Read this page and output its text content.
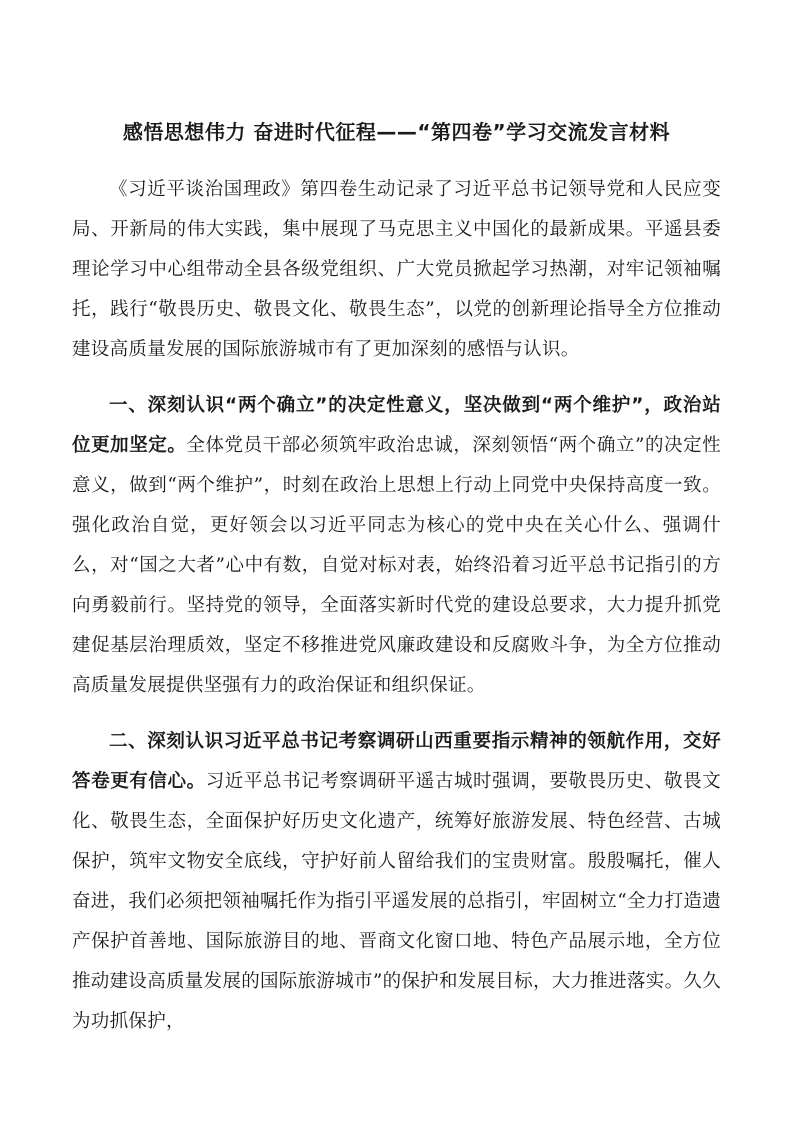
感悟思想伟力 奋进时代征程——“第四卷”学习交流发言材料

《习近平谈治国理政》第四卷生动记录了习近平总书记领导党和人民应变局、开新局的伟大实践，集中展现了马克思主义中国化的最新成果。平遥县委理论学习中心组带动全县各级党组织、广大党员掀起学习热潮，对牢记领袖嘱托，践行“敬畏历史、敬畏文化、敬畏生态”，以党的创新理论指导全方位推动建设高质量发展的国际旅游城市有了更加深刻的感悟与认识。

一、深刻认识“两个确立”的决定性意义，坚决做到“两个维护”，政治站位更加坚定。全体党员干部必须筑牢政治忠诚，深刻领悟“两个确立”的决定性意义，做到“两个维护”，时刻在政治上思想上行动上同党中央保持高度一致。强化政治自觉，更好领会以习近平同志为核心的党中央在关心什么、强调什么，对“国之大者”心中有数，自觉对标对表，始终沿着习近平总书记指引的方向勇毅前行。坚持党的领导，全面落实新时代党的建设总要求，大力提升抓党建促基层治理质效，坚定不移推进党风廉政建设和反腐败斗争，为全方位推动高质量发展提供坚强有力的政治保证和组织保证。

二、深刻认识习近平总书记考察调研山西重要指示精神的领航作用，交好答卷更有信心。习近平总书记考察调研平遥古城时强调，要敬畏历史、敬畏文化、敬畏生态，全面保护好历史文化遗产，统筹好旅游发展、特色经营、古城保护，筑牢文物安全底线，守护好前人留给我们的宝贵财富。殷殷嘱托，催人奋进，我们必须把领袖嘱托作为指引平遥发展的总指引，牢固树立“全力打造遗产保护首善地、国际旅游目的地、晋商文化窗口地、特色产品展示地，全方位推动建设高质量发展的国际旅游城市”的保护和发展目标，大力推进落实。久久为功抓保护，
